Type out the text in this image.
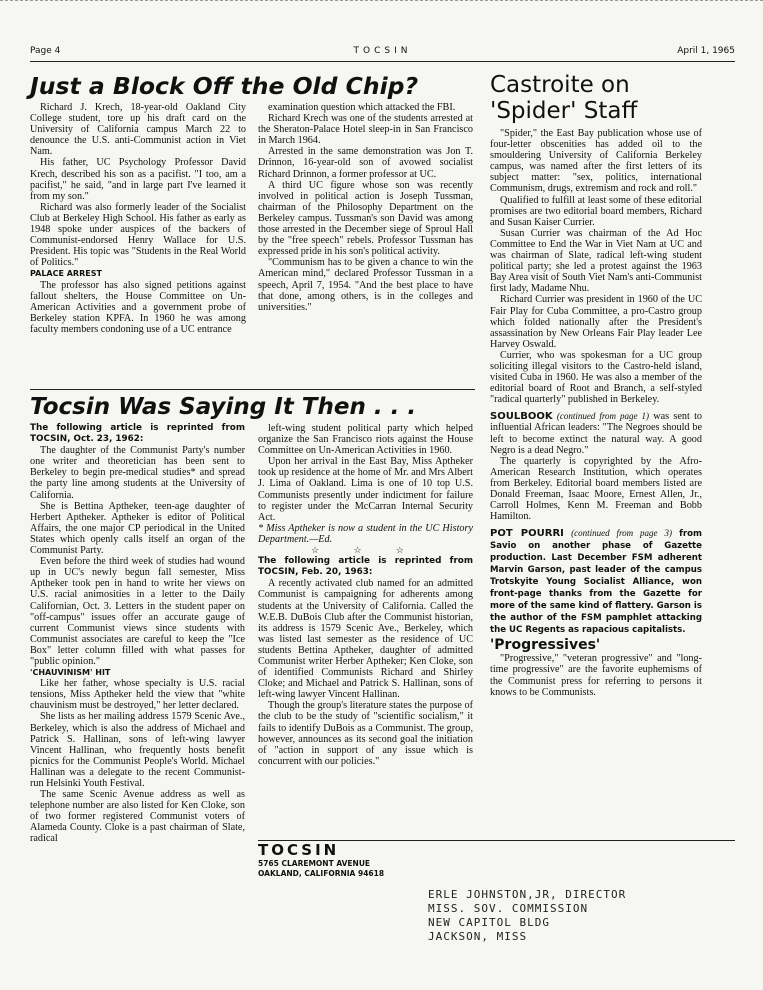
Page 4	TOCSIN	April 1, 1965
Just a Block Off the Old Chip?

Richard J. Krech, 18-year-old Oakland City College student, tore up his draft card on the University of California campus March 22 to denounce the U.S. anti-Communist action in Viet Nam.

His father, UC Psychology Professor David Krech, described his son as a pacifist. "I too, am a pacifist," he said, "and in large part I've learned it from my son."

Richard was also formerly leader of the Socialist Club at Berkeley High School. His father as early as 1948 spoke under auspices of the backers of Communist-endorsed Henry Wallace for U.S. President. His topic was "Students in the Real World of Politics."

PALACE ARREST

The professor has also signed petitions against fallout shelters, the House Committee on Un-American Activities and a government probe of Berkeley station KPFA. In 1960 he was among faculty members condoning use of a UC entrance

examination question which attacked the FBI.

Richard Krech was one of the students arrested at the Sheraton-Palace Hotel sleep-in in San Francisco in March 1964.

Arrested in the same demonstration was Jon T. Drinnon, 16-year-old son of avowed socialist Richard Drinnon, a former professor at UC.

A third UC figure whose son was recently involved in political action is Joseph Tussman, chairman of the Philosophy Department on the Berkeley campus. Tussman's son David was among those arrested in the December siege of Sproul Hall by the "free speech" rebels. Professor Tussman has expressed pride in his son's political activity.

"Communism has to be given a chance to win the American mind," declared Professor Tussman in a speech, April 7, 1954. "And the best place to have that done, among others, is in the colleges and universities."

Castroite on
'Spider' Staff

"Spider," the East Bay publication whose use of four-letter obscenities has added oil to the smouldering University of California Berkeley campus, was named after the first letters of its subject matter: "sex, politics, international Communism, drugs, extremism and rock and roll."

Qualified to fulfill at least some of these editorial promises are two editorial board members, Richard and Susan Kaiser Currier.

Susan Currier was chairman of the Ad Hoc Committee to End the War in Viet Nam at UC and was chairman of Slate, radical left-wing student political party; she led a protest against the 1963 Bay Area visit of South Viet Nam's anti-Communist first lady, Madame Nhu.

Richard Currier was president in 1960 of the UC Fair Play for Cuba Committee, a pro-Castro group which folded nationally after the President's assassination by New Orleans Fair Play leader Lee Harvey Oswald.

Currier, who was spokesman for a UC group soliciting illegal visitors to the Castro-held island, visited Cuba in 1960. He was also a member of the editorial board of Root and Branch, a self-styled "radical quarterly" published in Berkeley.

SOULBOOK (continued from page 1) was sent to influential African leaders: "The Negroes should be left to become extinct the natural way. A good Negro is a dead Negro."

The quarterly is copyrighted by the Afro-American Research Institution, which operates from Berkeley. Editorial board members listed are Donald Freeman, Isaac Moore, Ernest Allen, Jr., Carroll Holmes, Kenn M. Freeman and Bobb Hamilton.

POT POURRI (continued from page 3) from Savio on another phase of Gazette production. Last December FSM adherent Marvin Garson, past leader of the campus Trotskyite Young Socialist Alliance, won front-page thanks from the Gazette for more of the same kind of flattery. Garson is the author of the FSM pamphlet attacking the UC Regents as rapacious capitalists.

'Progressives'

"Progressive," "veteran progressive" and "long-time progressive" are the favorite euphemisms of the Communist press for referring to persons it knows to be Communists.

Tocsin Was Saying It Then . . .

The following article is reprinted from TOCSIN, Oct. 23, 1962:

The daughter of the Communist Party's number one writer and theoretician has been sent to Berkeley to begin pre-medical studies* and spread the party line among students at the University of California.

She is Bettina Aptheker, teen-age daughter of Herbert Aptheker. Aptheker is editor of Political Affairs, the one major CP periodical in the United States which openly calls itself an organ of the Communist Party.

Even before the third week of studies had wound up in UC's newly begun fall semester, Miss Aptheker took pen in hand to write her views on U.S. racial animosities in a letter to the Daily Californian, Oct. 3. Letters in the student paper on "off-campus" issues offer an accurate gauge of current Communist views since students with Communist associates are careful to keep the "Ice Box" letter column filled with what passes for "public opinion."

'CHAUVINISM' HIT

Like her father, whose specialty is U.S. racial tensions, Miss Aptheker held the view that "white chauvinism must be destroyed," her letter declared.

She lists as her mailing address 1579 Scenic Ave., Berkeley, which is also the address of Michael and Patrick S. Hallinan, sons of left-wing lawyer Vincent Hallinan, who frequently hosts benefit picnics for the Communist People's World. Michael Hallinan was a delegate to the recent Communist-run Helsinki Youth Festival.

The same Scenic Avenue address as well as telephone number are also listed for Ken Cloke, son of two former registered Communist voters of Alameda County. Cloke is a past chairman of Slate, radical

left-wing student political party which helped organize the San Francisco riots against the House Committee on Un-American Activities in 1960.

Upon her arrival in the East Bay, Miss Aptheker took up residence at the home of Mr. and Mrs Albert J. Lima of Oakland. Lima is one of 10 top U.S. Communists presently under indictment for failure to register under the McCarran Internal Security Act.

* Miss Aptheker is now a student in the UC History Department.—Ed.

☆ ☆ ☆

The following article is reprinted from TOCSIN, Feb. 20, 1963:

A recently activated club named for an admitted Communist is campaigning for adherents among students at the University of California. Called the W.E.B. DuBois Club after the Communist historian, its address is 1579 Scenic Ave., Berkeley, which was listed last semester as the residence of UC students Bettina Aptheker, daughter of admitted Communist writer Herber Aptheker; Ken Cloke, son of identified Communists Richard and Shirley Cloke; and Michael and Patrick S. Hallinan, sons of left-wing lawyer Vincent Hallinan.

Though the group's literature states the purpose of the club to be the study of "scientific socialism," it fails to identify DuBois as a Communist. The group, however, announces as its second goal the initiation of "action in support of any issue which is concurrent with our policies."

TOCSIN
5765 CLAREMONT AVENUE
OAKLAND, CALIFORNIA 94618
ERLE JOHNSTON,JR, DIRECTOR
MISS. SOV. COMMISSION
NEW CAPITOL BLDG
JACKSON, MISS
